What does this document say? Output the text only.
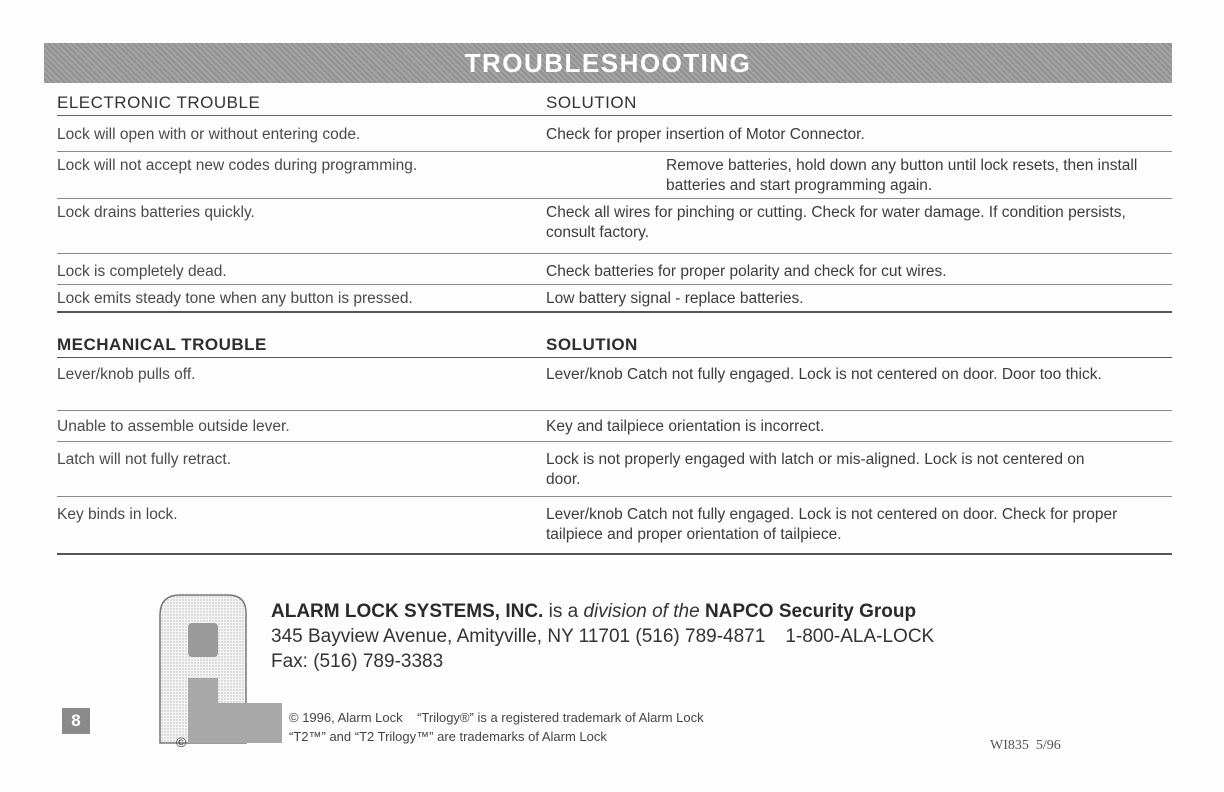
TROUBLESHOOTING
ELECTRONIC TROUBLE	SOLUTION
Lock will open with or without entering code.	Check for proper insertion of Motor Connector.
Lock will not accept new codes during programming.	Remove batteries, hold down any button until lock resets, then install batteries and start programming again.
Lock drains batteries quickly.	Check all wires for pinching or cutting. Check for water damage. If condition persists, consult factory.
Lock is completely dead.	Check batteries for proper polarity and check for cut wires.
Lock emits steady tone when any button is pressed.	Low battery signal - replace batteries.
MECHANICAL TROUBLE	SOLUTION
Lever/knob pulls off.	Lever/knob Catch not fully engaged. Lock is not centered on door. Door too thick.
Unable to assemble outside lever.	Key and tailpiece orientation is incorrect.
Latch will not fully retract.	Lock is not properly engaged with latch or mis-aligned. Lock is not centered on door.
Key binds in lock.	Lever/knob Catch not fully engaged. Lock is not centered on door. Check for proper tailpiece and proper orientation of tailpiece.
ALARM LOCK SYSTEMS, INC. is a division of the NAPCO Security Group
345 Bayview Avenue, Amityville, NY 11701 (516) 789-4871 1-800-ALA-LOCK
Fax: (516) 789-3383
© 1996, Alarm Lock    “Trilogy®” is a registered trademark of Alarm Lock
“T2™” and “T2 Trilogy™” are trademarks of Alarm Lock
WI835  5/96
8
©
